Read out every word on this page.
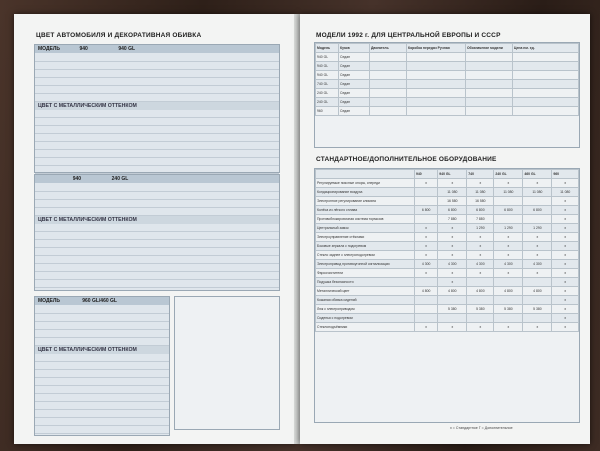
ЦВЕТ АВТОМОБИЛЯ И ДЕКОРАТИВНАЯ ОБИВКА
МОДЕЛЬ	940	940 GL
ЦВЕТ С МЕТАЛЛИЧЕСКИМ ОТТЕНКОМ
940	240 GL
ЦВЕТ С МЕТАЛЛИЧЕСКИМ ОТТЕНКОМ
МОДЕЛЬ	960 GL/460 GL
ЦВЕТ С МЕТАЛЛИЧЕСКИМ ОТТЕНКОМ
МОДЕЛИ 1992 г. ДЛЯ ЦЕНТРАЛЬНОЙ ЕВРОПЫ И СССР
Модель	Кузов	Двигатель	Коробка передач Ручная	Обозначение модели	Цена нм. ед.
940 GL	Седан				
940 GL	Седан				
940 GL	Седан				
740 GL	Седан				
240 GL	Седан				
240 GL	Седан				
960	Седан				
СТАНДАРТНОЕ/ДОПОЛНИТЕЛЬНОЕ ОБОРУДОВАНИЕ
	940	940 GL	740	240 GL	460 GL	960
Регулируемые поясные опоры, спереди	х	х	х	х	х	х
Кондиционирование воздуха		11 080	11 080	11 080	11 080	11 080
Электронное регулирование климата		16 580	16 580			х
Колёса из лёгкого сплава	6 800	6 800	6 800	6 800	6 800	х
Противоблокировочная система тормозов		7 880	7 880			х
Центральный замок	х	х	1 290	1 290	1 290	х
Электроуправление стёклами	х	х	х	х	х	х
Боковые зеркала с подогревом	х	х	х	х	х	х
Стекло заднее с электроподогревом	х	х	х	х	х	х
Электропривод противоугонной сигнализации	4 300	4 300	4 300	4 300	4 300	х
Фароочистители	х	х	х	х	х	х
Подушка безопасности		х				х
Металлический цвет	4 800	4 800	4 800	4 800	4 800	х
Кожаная обивка сидений						х
Люк с электроприводом		5 380	5 380	5 380	5 380	х
Сиденья с подогревом						х
Стеклоподъёмники	х	х	х	х	х	х
х = Стандартное Г = Дополнительное
